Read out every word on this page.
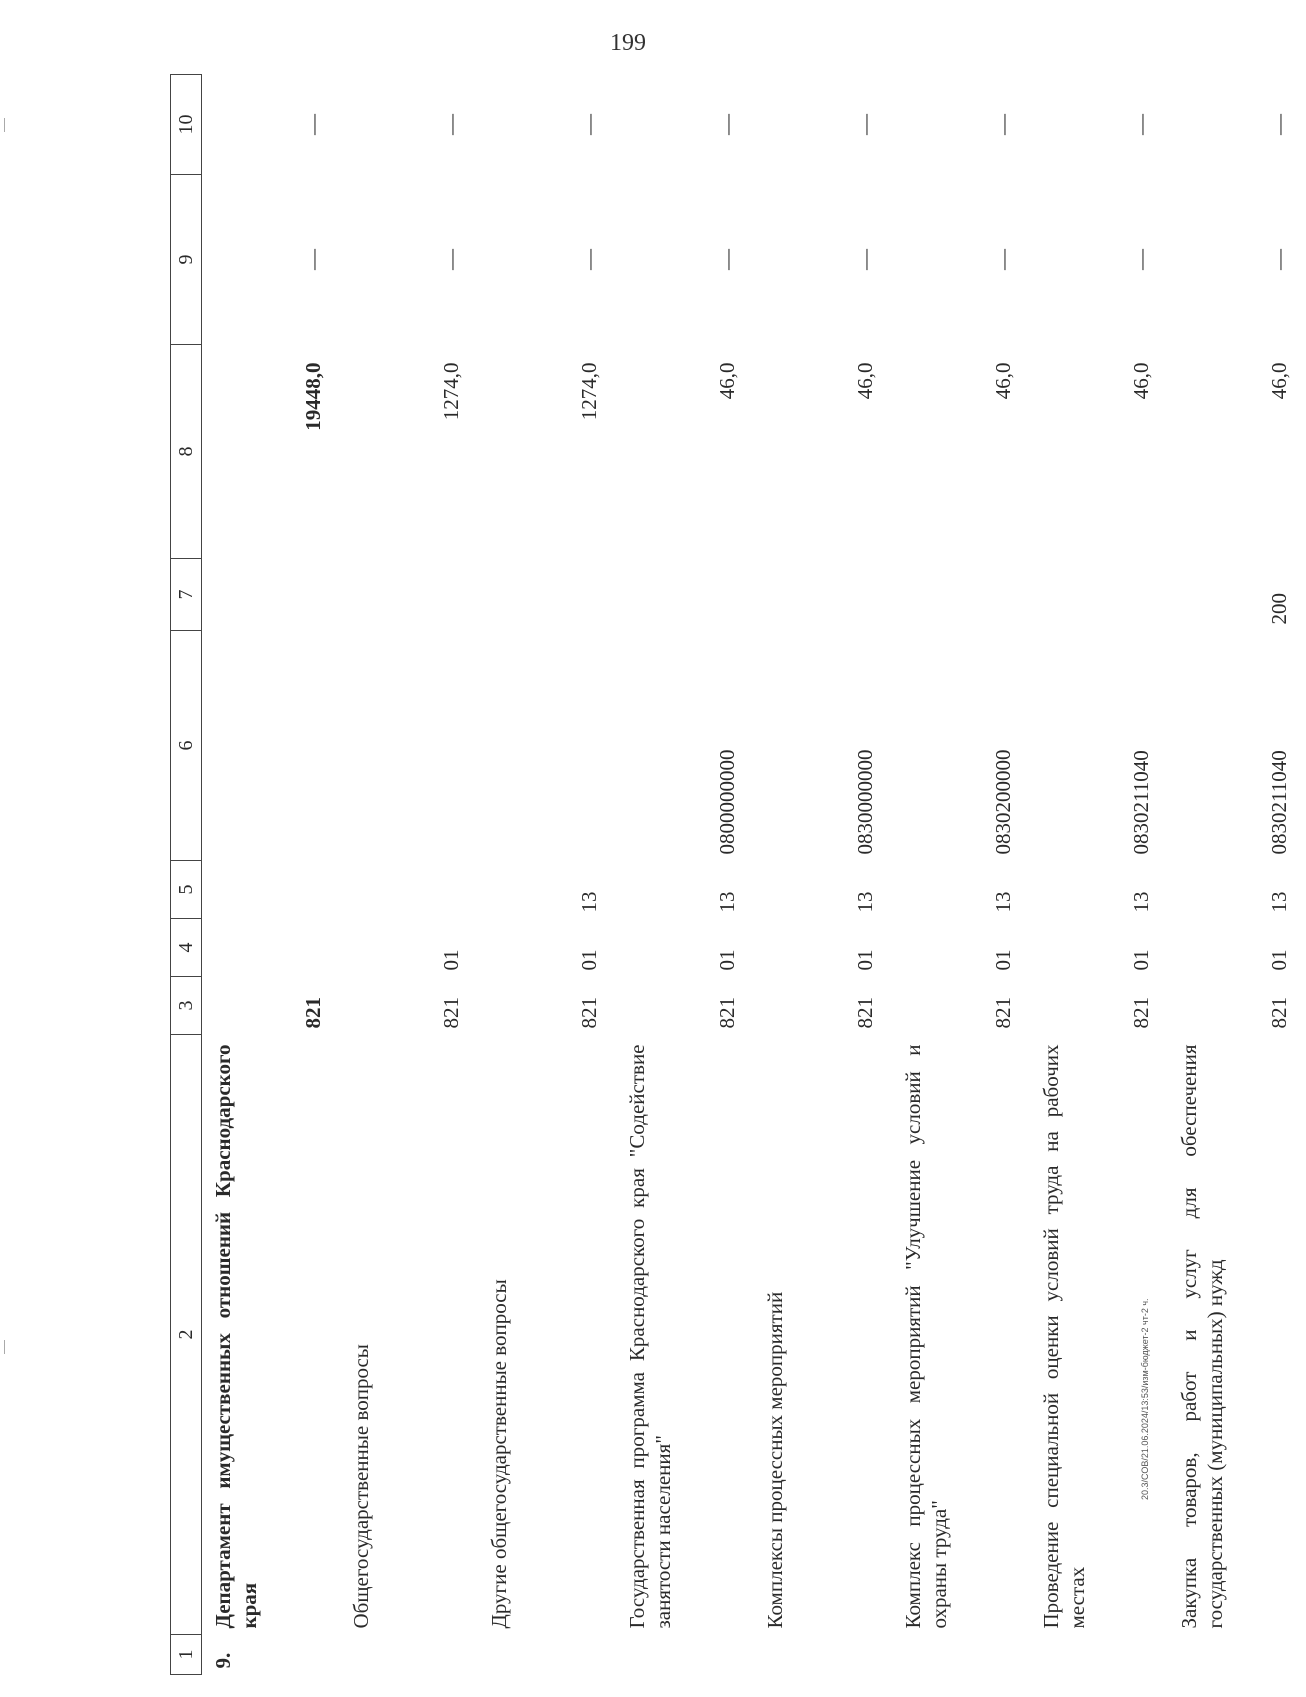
199
1	2	3	4	5	6	7	8	9	10
9.	Департамент имущественных отношений Краснодарского края	821					19448,0	—	—
	Общегосударственные вопросы	821	01				1274,0	—	—
	Другие общегосударственные вопросы	821	01	13			1274,0	—	—
	Государственная программа Краснодарского края "Содействие занятости населения"	821	01	13	0800000000		46,0	—	—
	Комплексы процессных мероприятий	821	01	13	0830000000		46,0	—	—
	Комплекс процессных мероприятий "Улучшение условий и охраны труда"	821	01	13	0830200000		46,0	—	—
	Проведение специальной оценки условий труда на рабочих местах	821	01	13	0830211040		46,0	—	—
	Закупка товаров, работ и услуг для обеспечения государственных (муниципальных) нужд	821	01	13	0830211040	200	46,0	—	—
20.3/СОВ/21.06.2024/13:53/изм-бюджет-2 чт-2 ч.
